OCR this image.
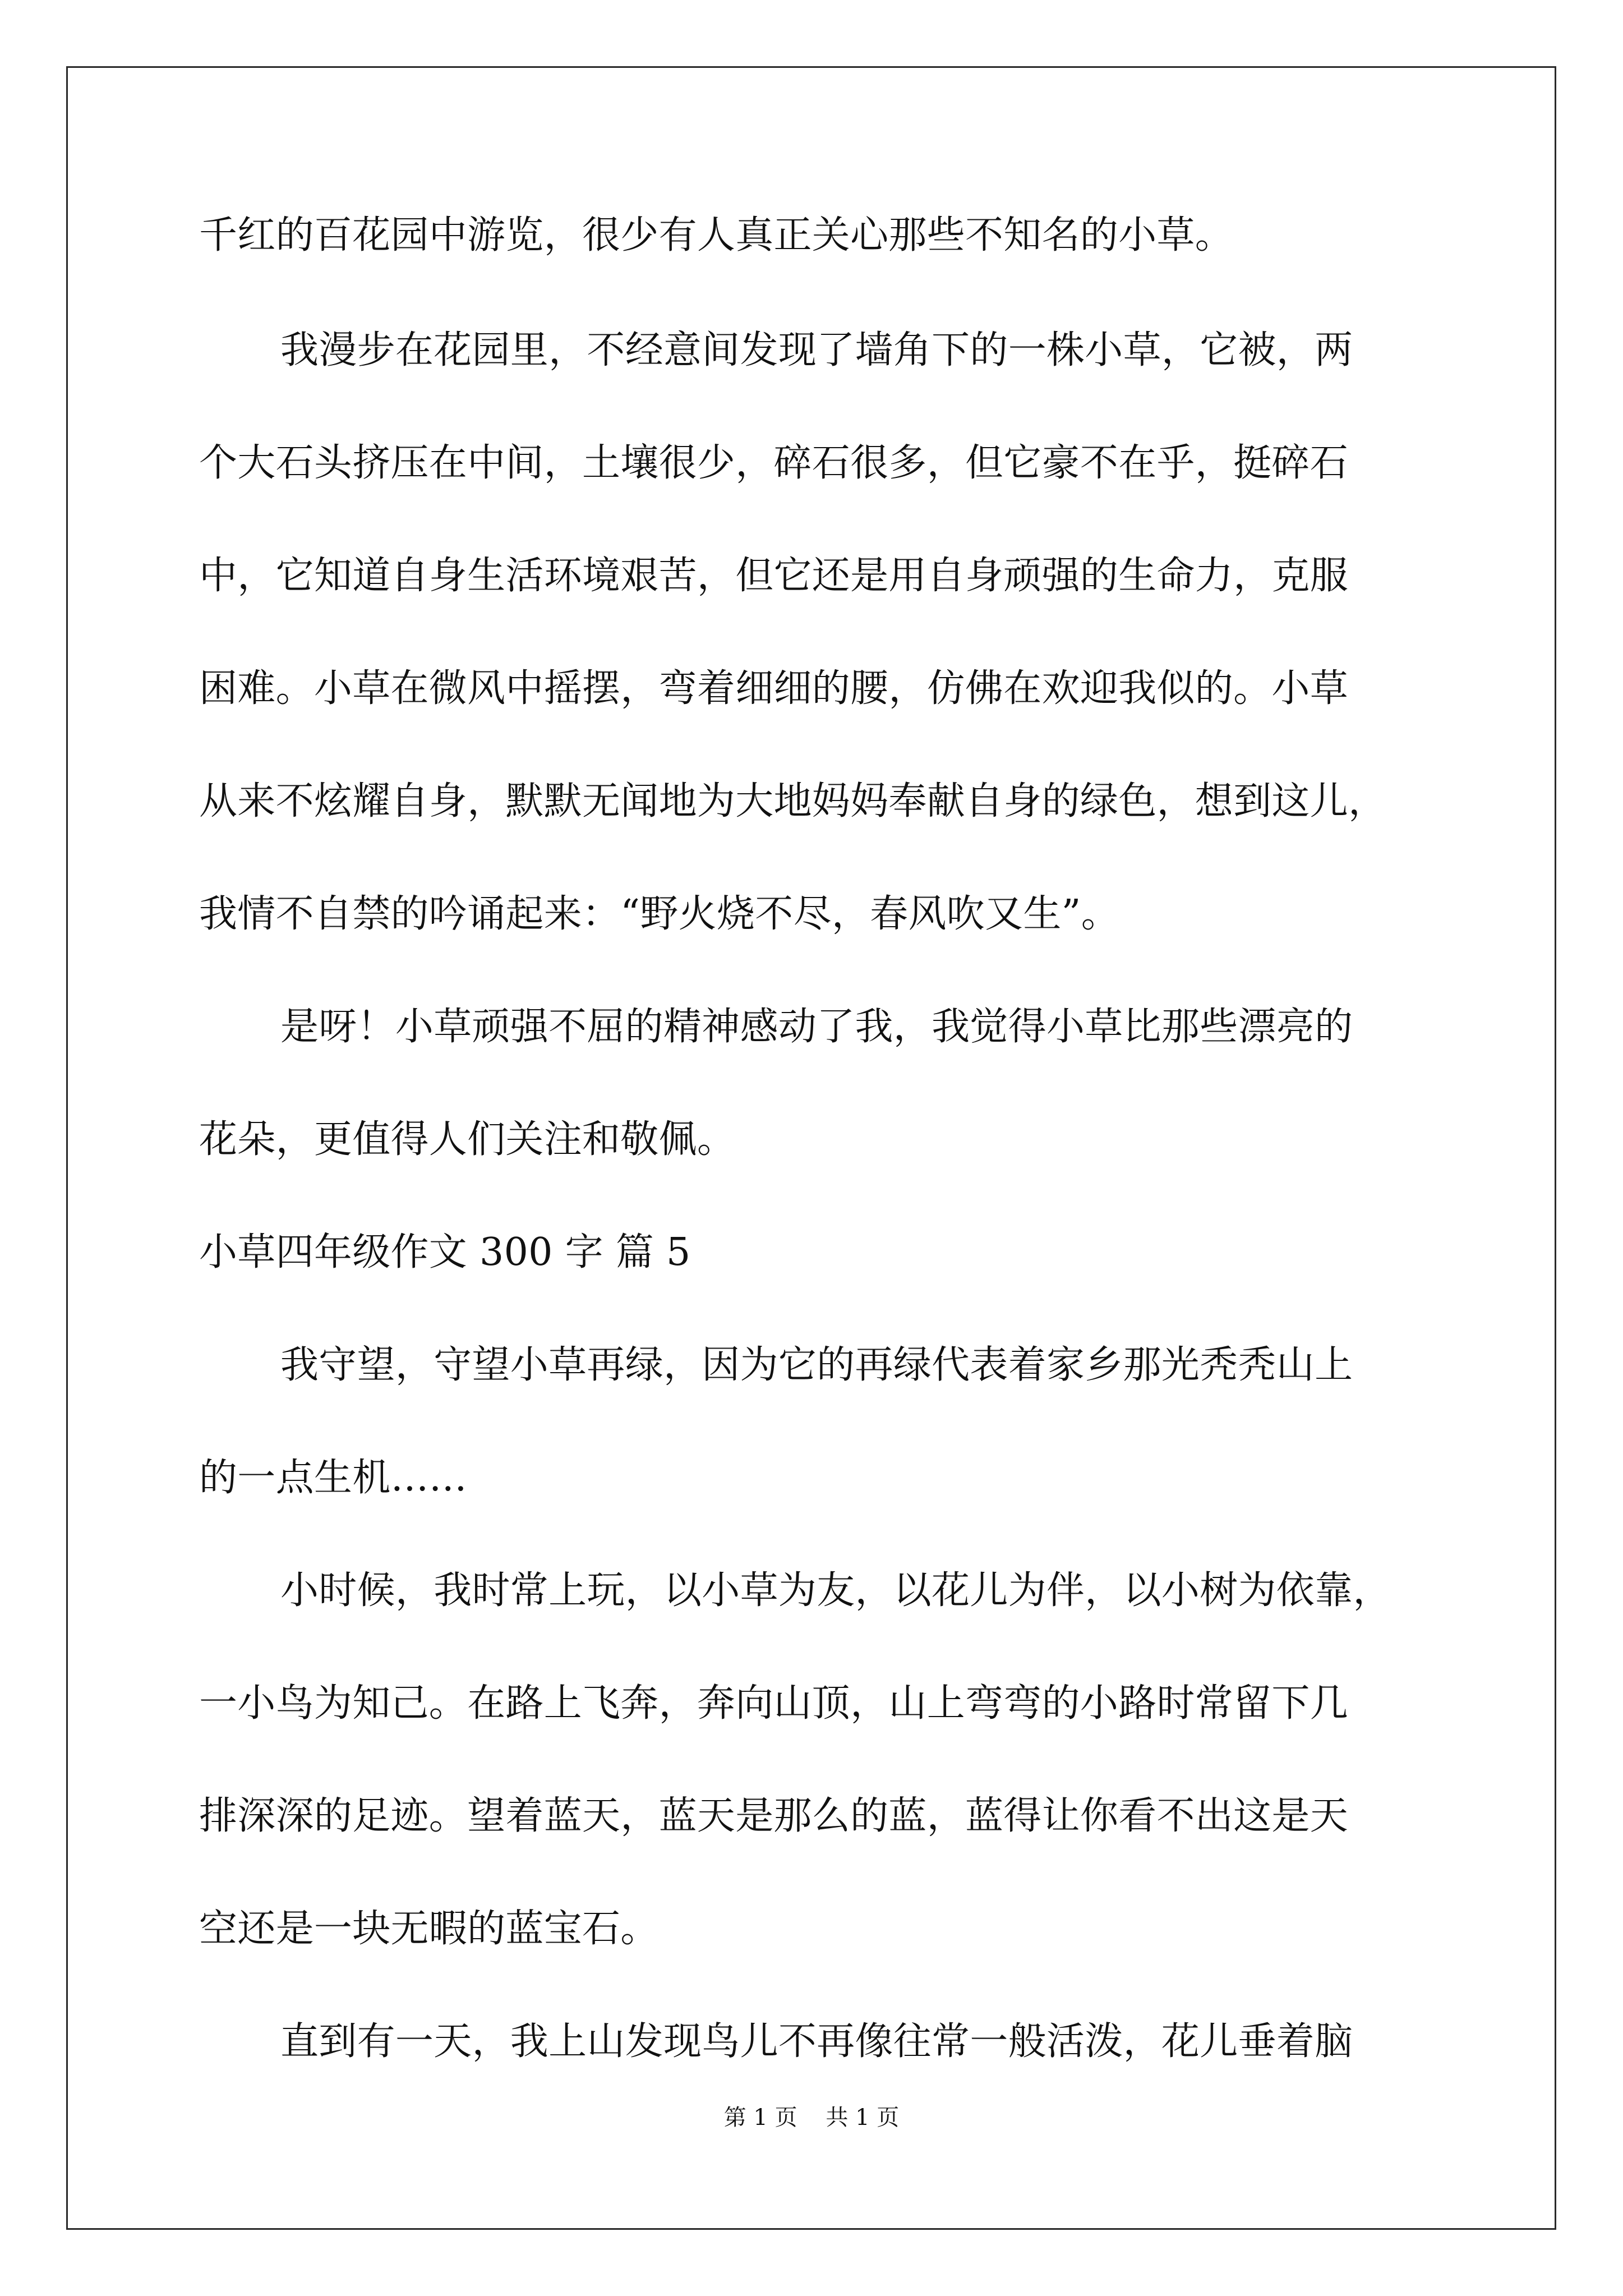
千红的百花园中游览，很少有人真正关心那些不知名的小草。
我漫步在花园里，不经意间发现了墙角下的一株小草，它被，两
个大石头挤压在中间，土壤很少，碎石很多，但它豪不在乎，挺碎石
中，它知道自身生活环境艰苦，但它还是用自身顽强的生命力，克服
困难。小草在微风中摇摆，弯着细细的腰，仿佛在欢迎我似的。小草
从来不炫耀自身，默默无闻地为大地妈妈奉献自身的绿色，想到这儿，
我情不自禁的吟诵起来：“野火烧不尽，春风吹又生”。
是呀！小草顽强不屈的精神感动了我，我觉得小草比那些漂亮的
花朵，更值得人们关注和敬佩。
小草四年级作文 300 字 篇 5
我守望，守望小草再绿，因为它的再绿代表着家乡那光秃秃山上
的一点生机……
小时候，我时常上玩，以小草为友，以花儿为伴，以小树为依靠，
一小鸟为知己。在路上飞奔，奔向山顶，山上弯弯的小路时常留下几
排深深的足迹。望着蓝天，蓝天是那么的蓝，蓝得让你看不出这是天
空还是一块无暇的蓝宝石。
直到有一天，我上山发现鸟儿不再像往常一般活泼，花儿垂着脑
第 1 页    共 1 页
